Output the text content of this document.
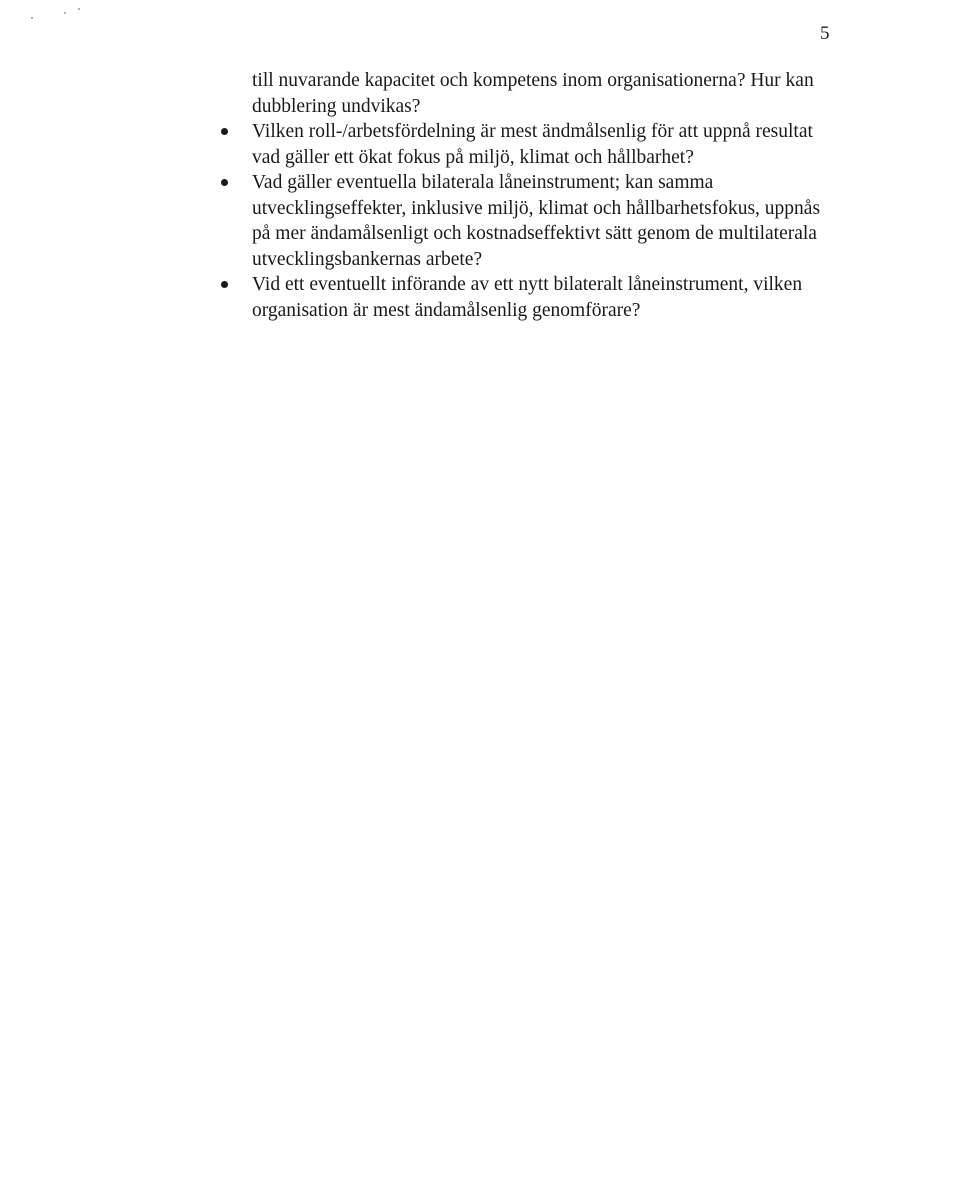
5

till nuvarande kapacitet och kompetens inom organisationerna? Hur kan dubblering undvikas?

Vilken roll-/arbetsfördelning är mest ändmålsenlig för att uppnå resultat vad gäller ett ökat fokus på miljö, klimat och hållbarhet?
Vad gäller eventuella bilaterala låneinstrument; kan samma utvecklingseffekter, inklusive miljö, klimat och hållbarhetsfokus, uppnås på mer ändamålsenligt och kostnadseffektivt sätt genom de multilaterala utvecklingsbankernas arbete?
Vid ett eventuellt införande av ett nytt bilateralt låneinstrument, vilken organisation är mest ändamålsenlig genomförare?
